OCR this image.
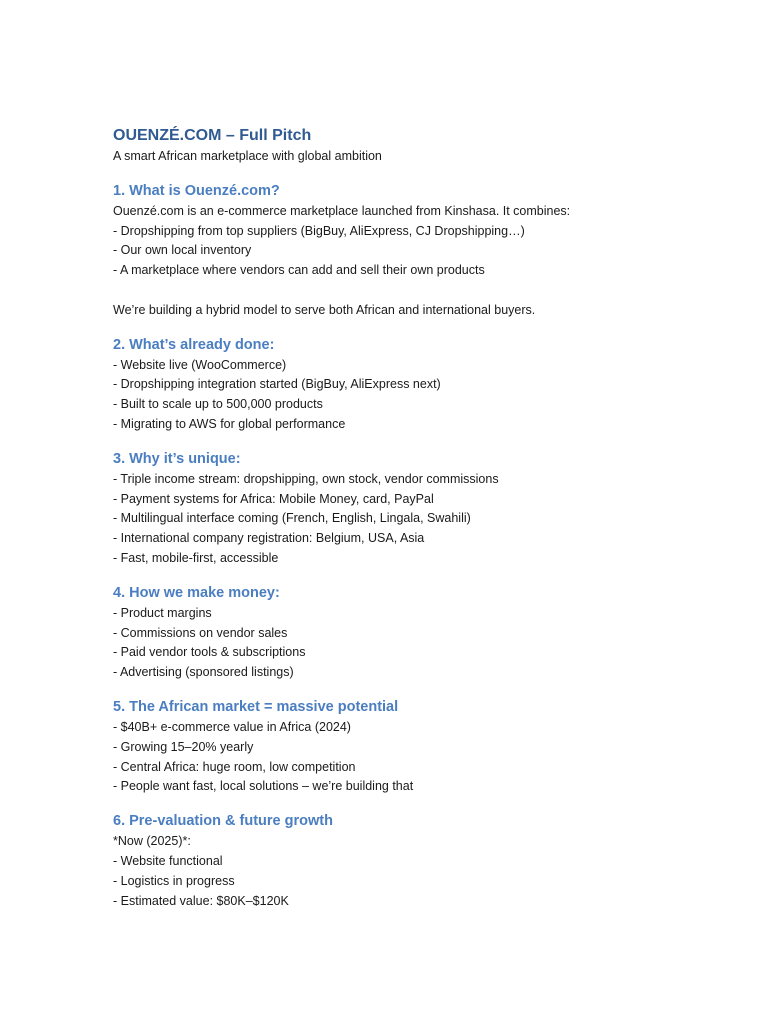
OUENZÉ.COM – Full Pitch

A smart African marketplace with global ambition

1. What is Ouenzé.com?

Ouenzé.com is an e-commerce marketplace launched from Kinshasa. It combines:

- Dropshipping from top suppliers (BigBuy, AliExpress, CJ Dropshipping…)

- Our own local inventory

- A marketplace where vendors can add and sell their own products

We’re building a hybrid model to serve both African and international buyers.

2. What’s already done:

- Website live (WooCommerce)

- Dropshipping integration started (BigBuy, AliExpress next)

- Built to scale up to 500,000 products

- Migrating to AWS for global performance

3. Why it’s unique:

- Triple income stream: dropshipping, own stock, vendor commissions

- Payment systems for Africa: Mobile Money, card, PayPal

- Multilingual interface coming (French, English, Lingala, Swahili)

- International company registration: Belgium, USA, Asia

- Fast, mobile-first, accessible

4. How we make money:

- Product margins

- Commissions on vendor sales

- Paid vendor tools & subscriptions

- Advertising (sponsored listings)

5. The African market = massive potential

- $40B+ e-commerce value in Africa (2024)

- Growing 15–20% yearly

- Central Africa: huge room, low competition

- People want fast, local solutions – we’re building that

6. Pre-valuation & future growth

*Now (2025)*:

- Website functional

- Logistics in progress

- Estimated value: $80K–$120K
